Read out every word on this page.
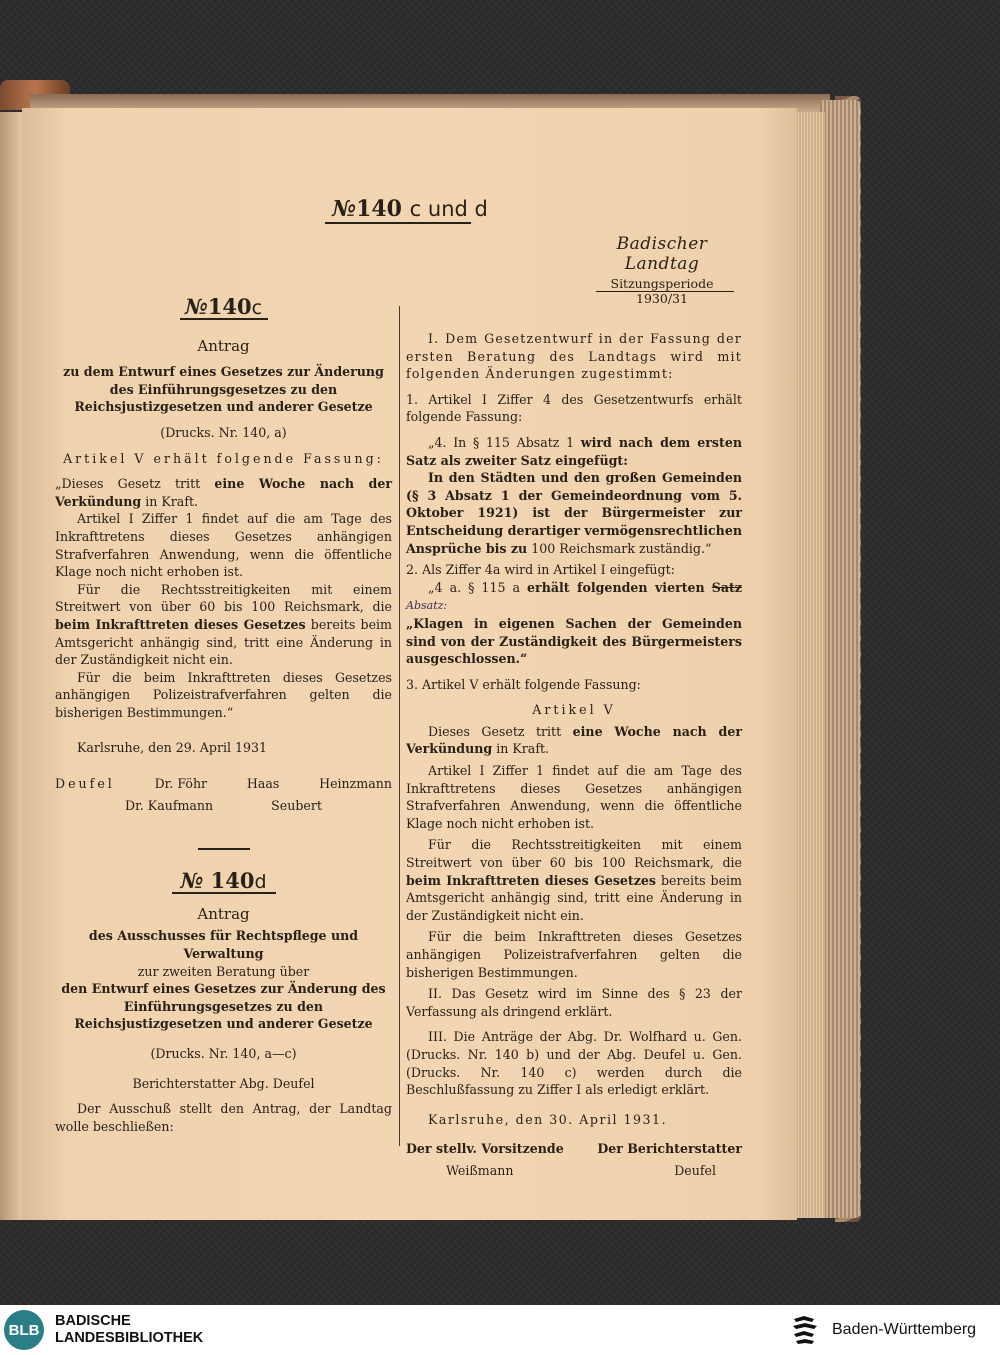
№140 c und d
Badischer Landtag
Sitzungsperiode
1930/31
№140c

Antrag

zu dem Entwurf eines Gesetzes zur Änderung des Einführungsgesetzes zu den Reichsjustizgesetzen und anderer Gesetze

(Drucks. Nr. 140, a)

Artikel V erhält folgende Fassung:

„Dieses Gesetz tritt eine Woche nach der Verkündung in Kraft.

Artikel I Ziffer 1 findet auf die am Tage des Inkrafttretens dieses Gesetzes anhängigen Strafverfahren Anwendung, wenn die öffentliche Klage noch nicht erhoben ist.

Für die Rechtsstreitigkeiten mit einem Streitwert von über 60 bis 100 Reichsmark, die beim Inkrafttreten dieses Gesetzes bereits beim Amtsgericht anhängig sind, tritt eine Änderung in der Zuständigkeit nicht ein.

Für die beim Inkrafttreten dieses Gesetzes anhängigen Polizeistrafverfahren gelten die bisherigen Bestimmungen.“

Karlsruhe, den 29. April 1931

Deufel	Dr. Föhr	Haas	Heinzmann
Dr. Kaufmann	Seubert
№ 140d

Antrag

des Ausschusses für Rechtspflege und Verwaltung

zur zweiten Beratung über

den Entwurf eines Gesetzes zur Änderung des Einführungsgesetzes zu den Reichsjustizgesetzen und anderer Gesetze

(Drucks. Nr. 140, a—c)

Berichterstatter Abg. Deufel

Der Ausschuß stellt den Antrag, der Landtag wolle beschließen:

I. Dem Gesetzentwurf in der Fassung der ersten Beratung des Landtags wird mit folgenden Änderungen zugestimmt:

1. Artikel I Ziffer 4 des Gesetzentwurfs erhält folgende Fassung:

„4. In § 115 Absatz 1 wird nach dem ersten Satz als zweiter Satz eingefügt:

In den Städten und den großen Gemeinden (§ 3 Absatz 1 der Gemeindeordnung vom 5. Oktober 1921) ist der Bürgermeister zur Entscheidung derartiger vermögensrechtlichen Ansprüche bis zu 100 Reichsmark zuständig.“

2. Als Ziffer 4a wird in Artikel I eingefügt:

„4 a. § 115 a erhält folgenden vierten Satz Absatz:

„Klagen in eigenen Sachen der Gemeinden sind von der Zuständigkeit des Bürgermeisters ausgeschlossen.“

3. Artikel V erhält folgende Fassung:

Artikel V

Dieses Gesetz tritt eine Woche nach der Verkündung in Kraft.

Artikel I Ziffer 1 findet auf die am Tage des Inkrafttretens dieses Gesetzes anhängigen Strafverfahren Anwendung, wenn die öffentliche Klage noch nicht erhoben ist.

Für die Rechtsstreitigkeiten mit einem Streitwert von über 60 bis 100 Reichsmark, die beim Inkrafttreten dieses Gesetzes bereits beim Amtsgericht anhängig sind, tritt eine Änderung in der Zuständigkeit nicht ein.

Für die beim Inkrafttreten dieses Gesetzes anhängigen Polizeistrafverfahren gelten die bisherigen Bestimmungen.

II. Das Gesetz wird im Sinne des § 23 der Verfassung als dringend erklärt.

III. Die Anträge der Abg. Dr. Wolfhard u. Gen. (Drucks. Nr. 140 b) und der Abg. Deufel u. Gen. (Drucks. Nr. 140 c) werden durch die Beschlußfassung zu Ziffer I als erledigt erklärt.

Karlsruhe, den 30. April 1931.

Der stellv. Vorsitzende	Der Berichterstatter
Weißmann	Deufel
BLB
BADISCHE
LANDESBIBLIOTHEK	Baden-Württemberg
